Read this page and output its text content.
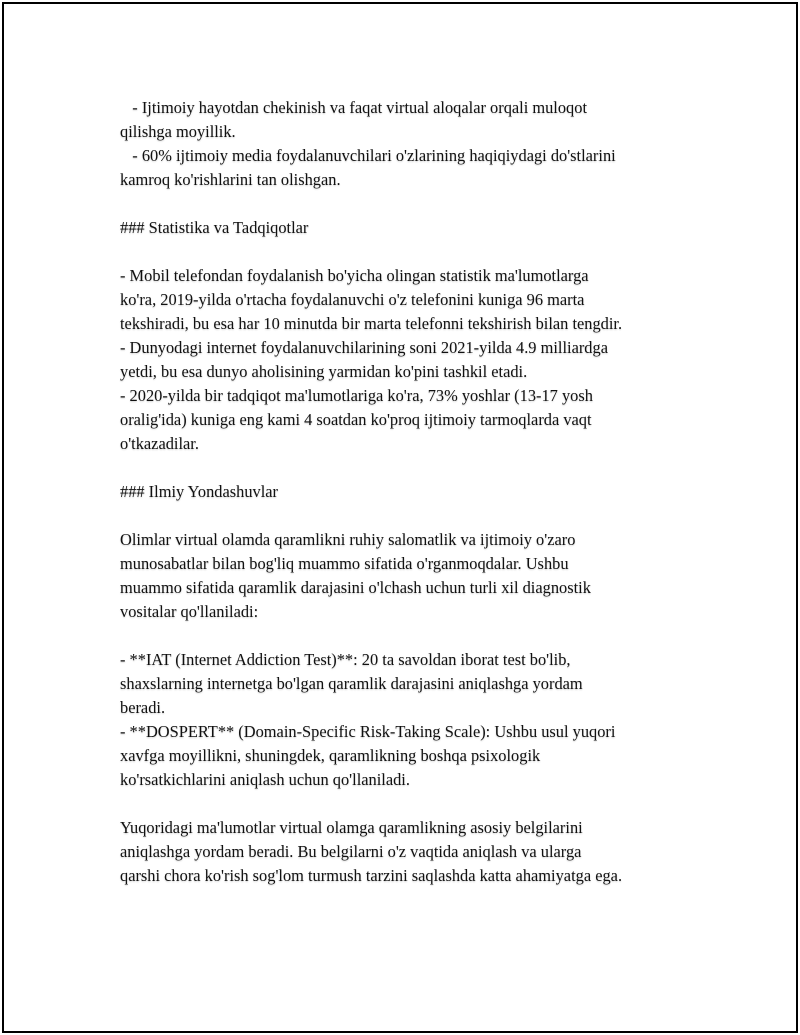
- Ijtimoiy hayotdan chekinish va faqat virtual aloqalar orqali muloqot
qilishga moyillik.
- 60% ijtimoiy media foydalanuvchilari o'zlarining haqiqiydagi do'stlarini
kamroq ko'rishlarini tan olishgan.
### Statistika va Tadqiqotlar
- Mobil telefondan foydalanish bo'yicha olingan statistik ma'lumotlarga
ko'ra, 2019-yilda o'rtacha foydalanuvchi o'z telefonini kuniga 96 marta
tekshiradi, bu esa har 10 minutda bir marta telefonni tekshirish bilan tengdir.
- Dunyodagi internet foydalanuvchilarining soni 2021-yilda 4.9 milliardga
yetdi, bu esa dunyo aholisining yarmidan ko'pini tashkil etadi.
- 2020-yilda bir tadqiqot ma'lumotlariga ko'ra, 73% yoshlar (13-17 yosh
oralig'ida) kuniga eng kami 4 soatdan ko'proq ijtimoiy tarmoqlarda vaqt
o'tkazadilar.
### Ilmiy Yondashuvlar
Olimlar virtual olamda qaramlikni ruhiy salomatlik va ijtimoiy o'zaro
munosabatlar bilan bog'liq muammo sifatida o'rganmoqdalar. Ushbu
muammo sifatida qaramlik darajasini o'lchash uchun turli xil diagnostik
vositalar qo'llaniladi:
- **IAT (Internet Addiction Test)**: 20 ta savoldan iborat test bo'lib,
shaxslarning internetga bo'lgan qaramlik darajasini aniqlashga yordam
beradi.
- **DOSPERT** (Domain-Specific Risk-Taking Scale): Ushbu usul yuqori
xavfga moyillikni, shuningdek, qaramlikning boshqa psixologik
ko'rsatkichlarini aniqlash uchun qo'llaniladi.
Yuqoridagi ma'lumotlar virtual olamga qaramlikning asosiy belgilarini
aniqlashga yordam beradi. Bu belgilarni o'z vaqtida aniqlash va ularga
qarshi chora ko'rish sog'lom turmush tarzini saqlashda katta ahamiyatga ega.
